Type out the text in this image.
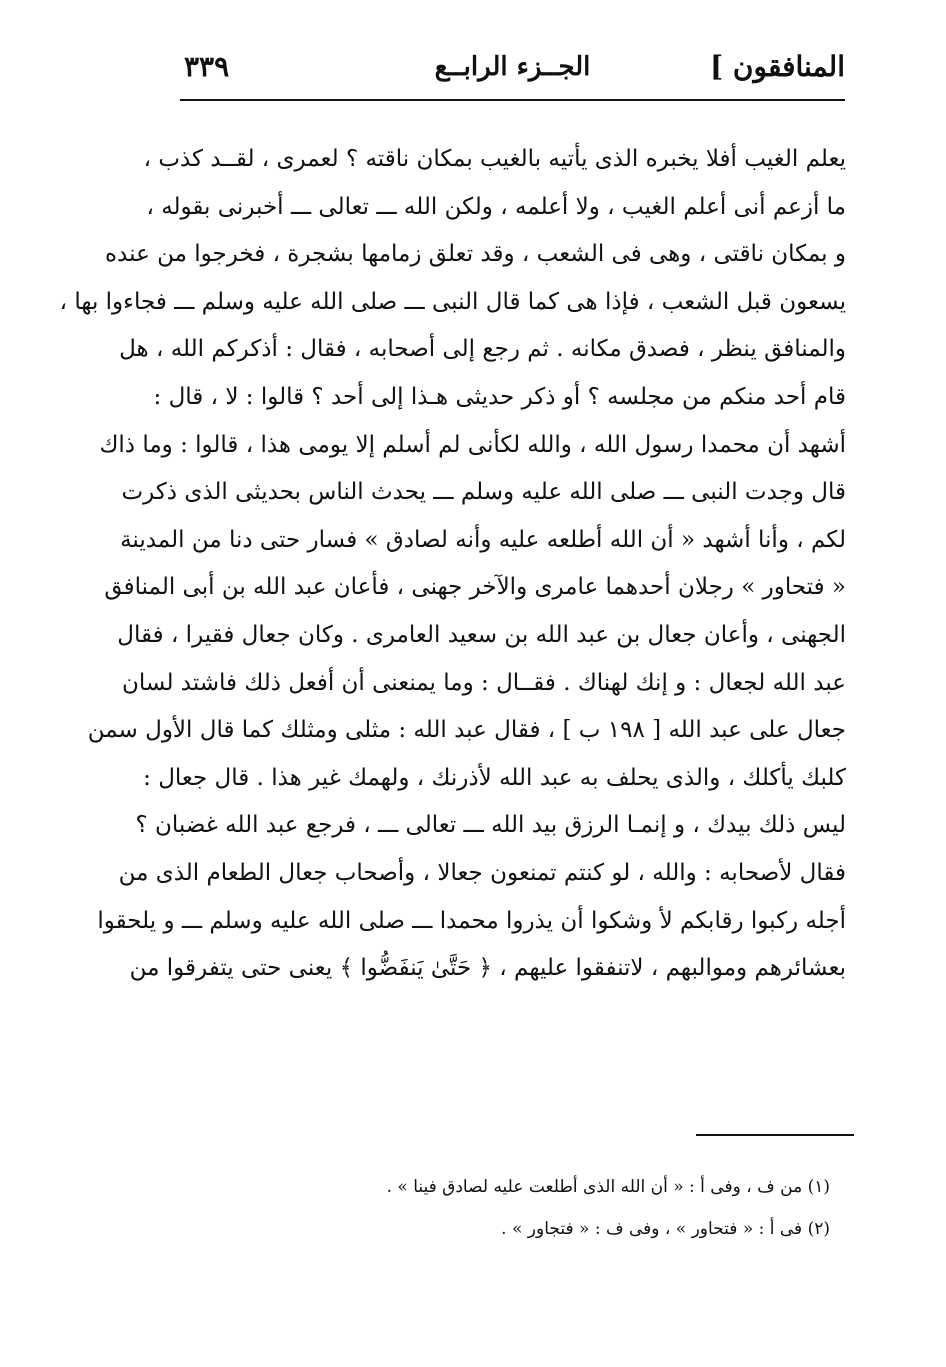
المنافقون ]
الجــزء الرابــع
٣٣٩
يعلم الغيب أفلا يخبره الذى يأتيه بالغيب بمكان ناقته ؟ لعمرى ، لقــد كذب ،
ما أزعم أنى أعلم الغيب ، ولا أعلمه ، ولكن الله ـــ تعالى ـــ أخبرنى بقوله ،
و بمكان ناقتى ، وهى فى الشعب ، وقد تعلق زمامها بشجرة ، فخرجوا من عنده
يسعون قبل الشعب ، فإذا هى كما قال النبى ـــ صلى الله عليه وسلم ـــ فجاءوا بها ،
والمنافق ينظر ، فصدق مكانه . ثم رجع إلى أصحابه ، فقال : أذكركم الله ، هل
قام أحد منكم من مجلسه ؟ أو ذكر حديثى هـذا إلى أحد ؟ قالوا : لا ، قال :
أشهد أن محمدا رسول الله ، والله لكأنى لم أسلم إلا يومى هذا ، قالوا : وما ذاك
قال وجدت النبى ـــ صلى الله عليه وسلم ـــ يحدث الناس بحديثى الذى ذكرت
لكم ، وأنا أشهد « أن الله أطلعه عليه وأنه لصادق » فسار حتى دنا من المدينة
« فتحاور » رجلان أحدهما عامرى والآخر جهنى ، فأعان عبد الله بن أبى المنافق
الجهنى ، وأعان جعال بن عبد الله بن سعيد العامرى . وكان جعال فقيرا ، فقال
عبد الله لجعال : و إنك لهناك . فقــال : وما يمنعنى أن أفعل ذلك فاشتد لسان
جعال على عبد الله [ ١٩٨ ب ] ، فقال عبد الله : مثلى ومثلك كما قال الأول سمن
كلبك يأكلك ، والذى يحلف به عبد الله لأذرنك ، ولهمك غير هذا . قال جعال :
ليس ذلك بيدك ، و إنمـا الرزق بيد الله ـــ تعالى ـــ ، فرجع عبد الله غضبان ؟
فقال لأصحابه : والله ، لو كنتم تمنعون جعالا ، وأصحاب جعال الطعام الذى من
أجله ركبوا رقابكم لأ وشكوا أن يذروا محمدا ـــ صلى الله عليه وسلم ـــ و يلحقوا
بعشائرهم وموالبهم ، لاتنفقوا عليهم ، ﴿ حَتَّىٰ يَنفَضُّوا ﴾ يعنى حتى يتفرقوا من
(١) من ف ، وفى أ : « أن الله الذى أطلعت عليه لصادق فينا » .
(٢) فى أ : « فتحاور » ، وفى ف : « فتجاور » .
